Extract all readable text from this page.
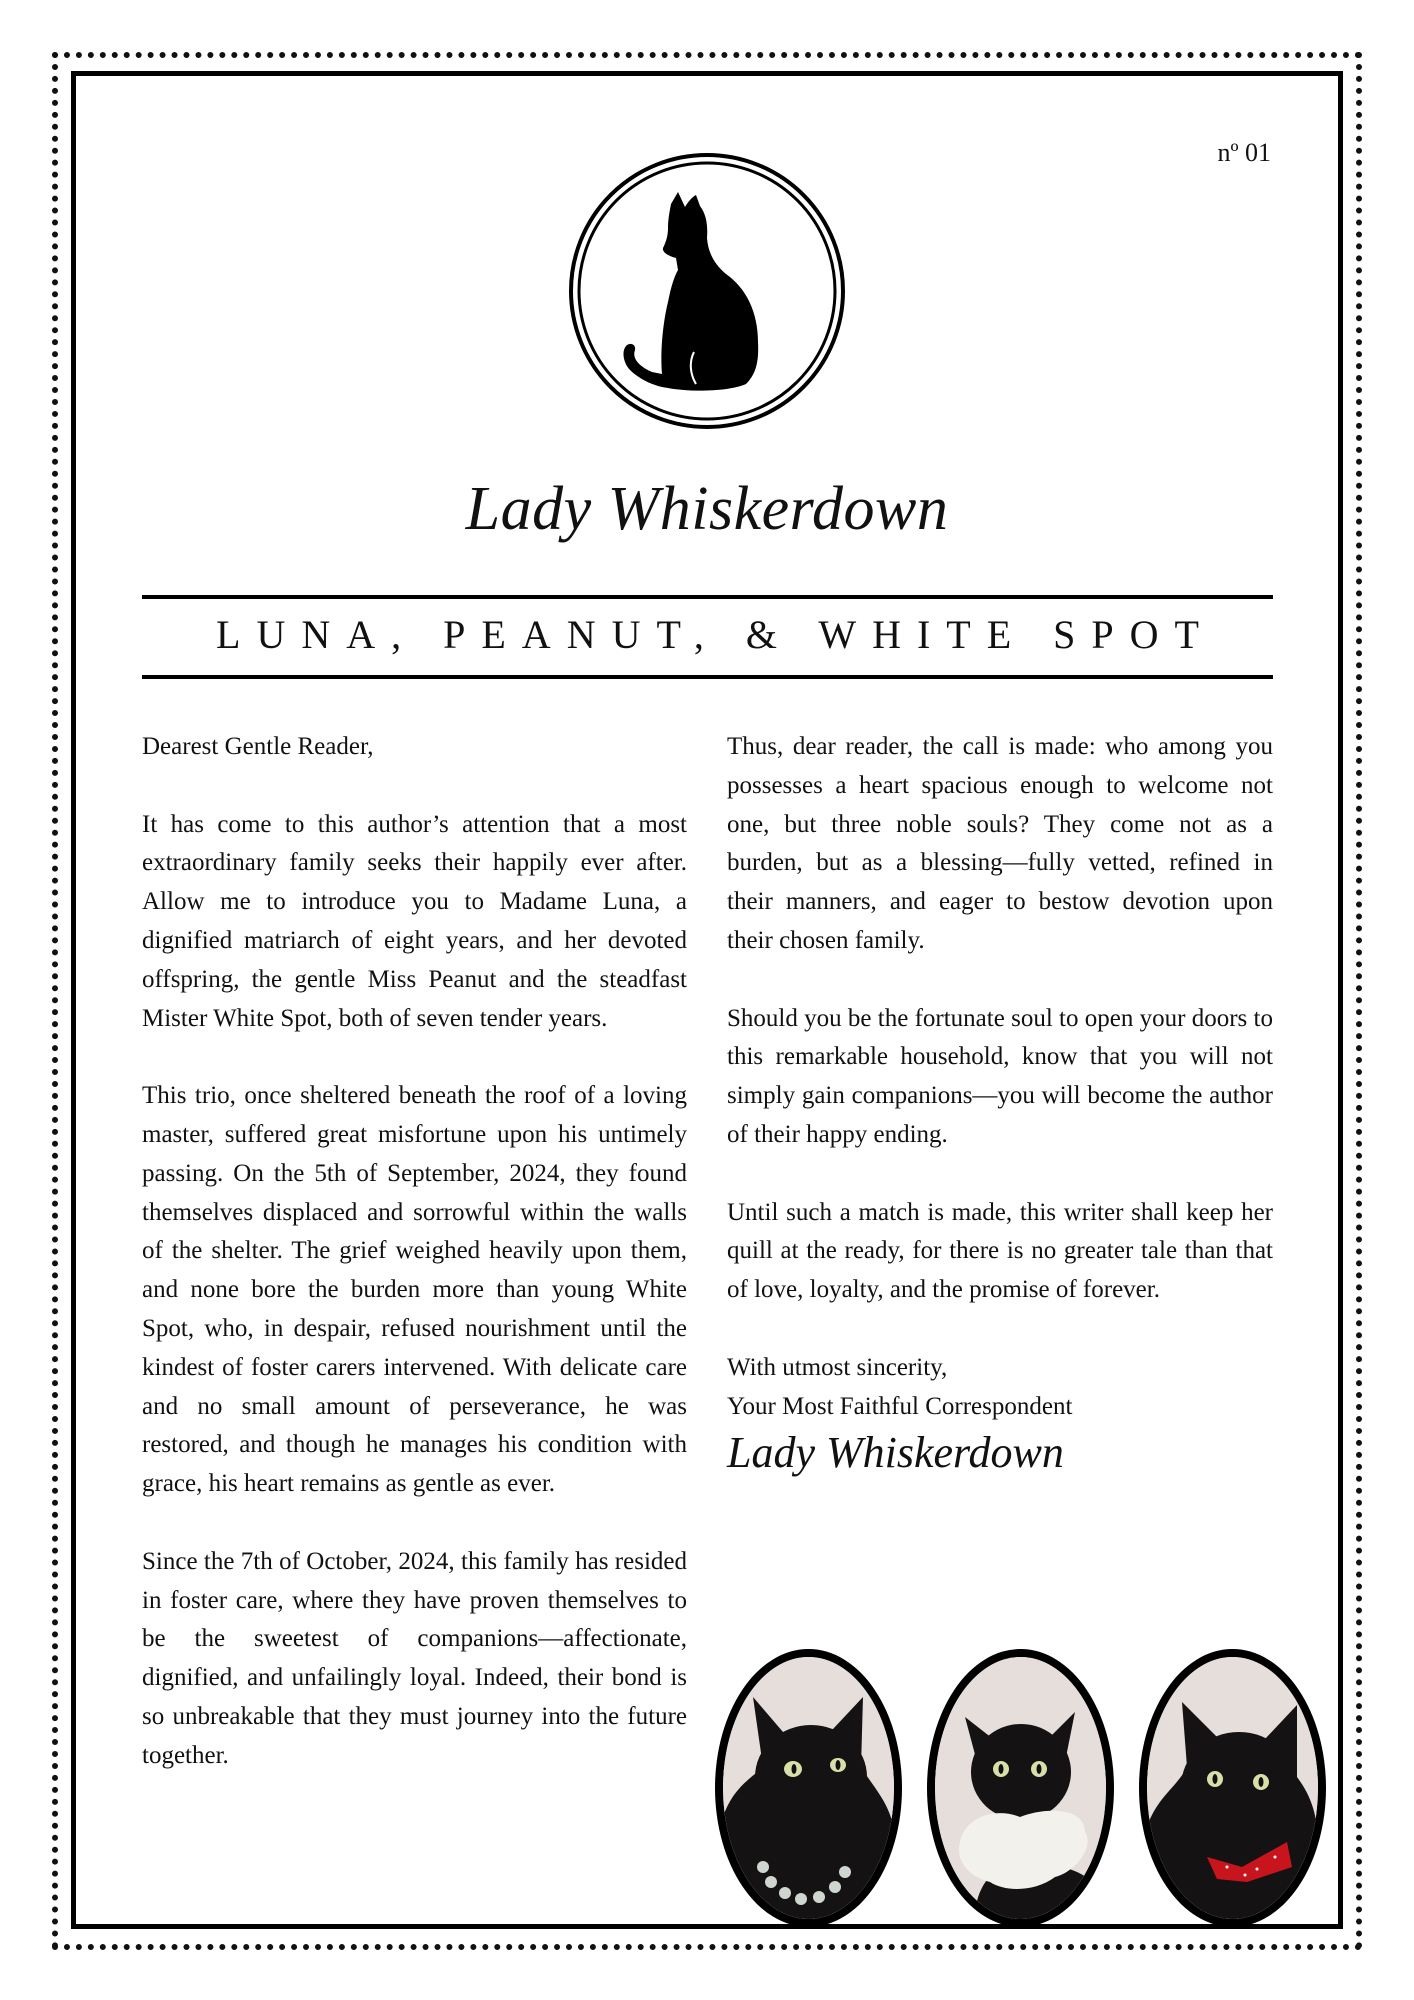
nº 01
Lady Whiskerdown
LUNA, PEANUT, & WHITE SPOT

Dearest Gentle Reader,

It has come to this author’s attention that a most extraordinary family seeks their happily ever after. Allow me to introduce you to Madame Luna, a dignified matriarch of eight years, and her devoted offspring, the gentle Miss Peanut and the steadfast Mister White Spot, both of seven tender years.

This trio, once sheltered beneath the roof of a loving master, suffered great misfortune upon his untimely passing. On the 5th of September, 2024, they found themselves displaced and sorrowful within the walls of the shelter. The grief weighed heavily upon them, and none bore the burden more than young White Spot, who, in despair, refused nourishment until the kindest of foster carers intervened. With delicate care and no small amount of perseverance, he was restored, and though he manages his condition with grace, his heart remains as gentle as ever.

Since the 7th of October, 2024, this family has resided in foster care, where they have proven themselves to be the sweetest of companions—affectionate, dignified, and unfailingly loyal. Indeed, their bond is so unbreakable that they must journey into the future together.

Thus, dear reader, the call is made: who among you possesses a heart spacious enough to welcome not one, but three noble souls? They come not as a burden, but as a blessing—fully vetted, refined in their manners, and eager to bestow devotion upon their chosen family.

Should you be the fortunate soul to open your doors to this remarkable household, know that you will not simply gain companions—you will become the author of their happy ending.

Until such a match is made, this writer shall keep her quill at the ready, for there is no greater tale than that of love, loyalty, and the promise of forever.

With utmost sincerity,
Your Most Faithful Correspondent
Lady Whiskerdown
